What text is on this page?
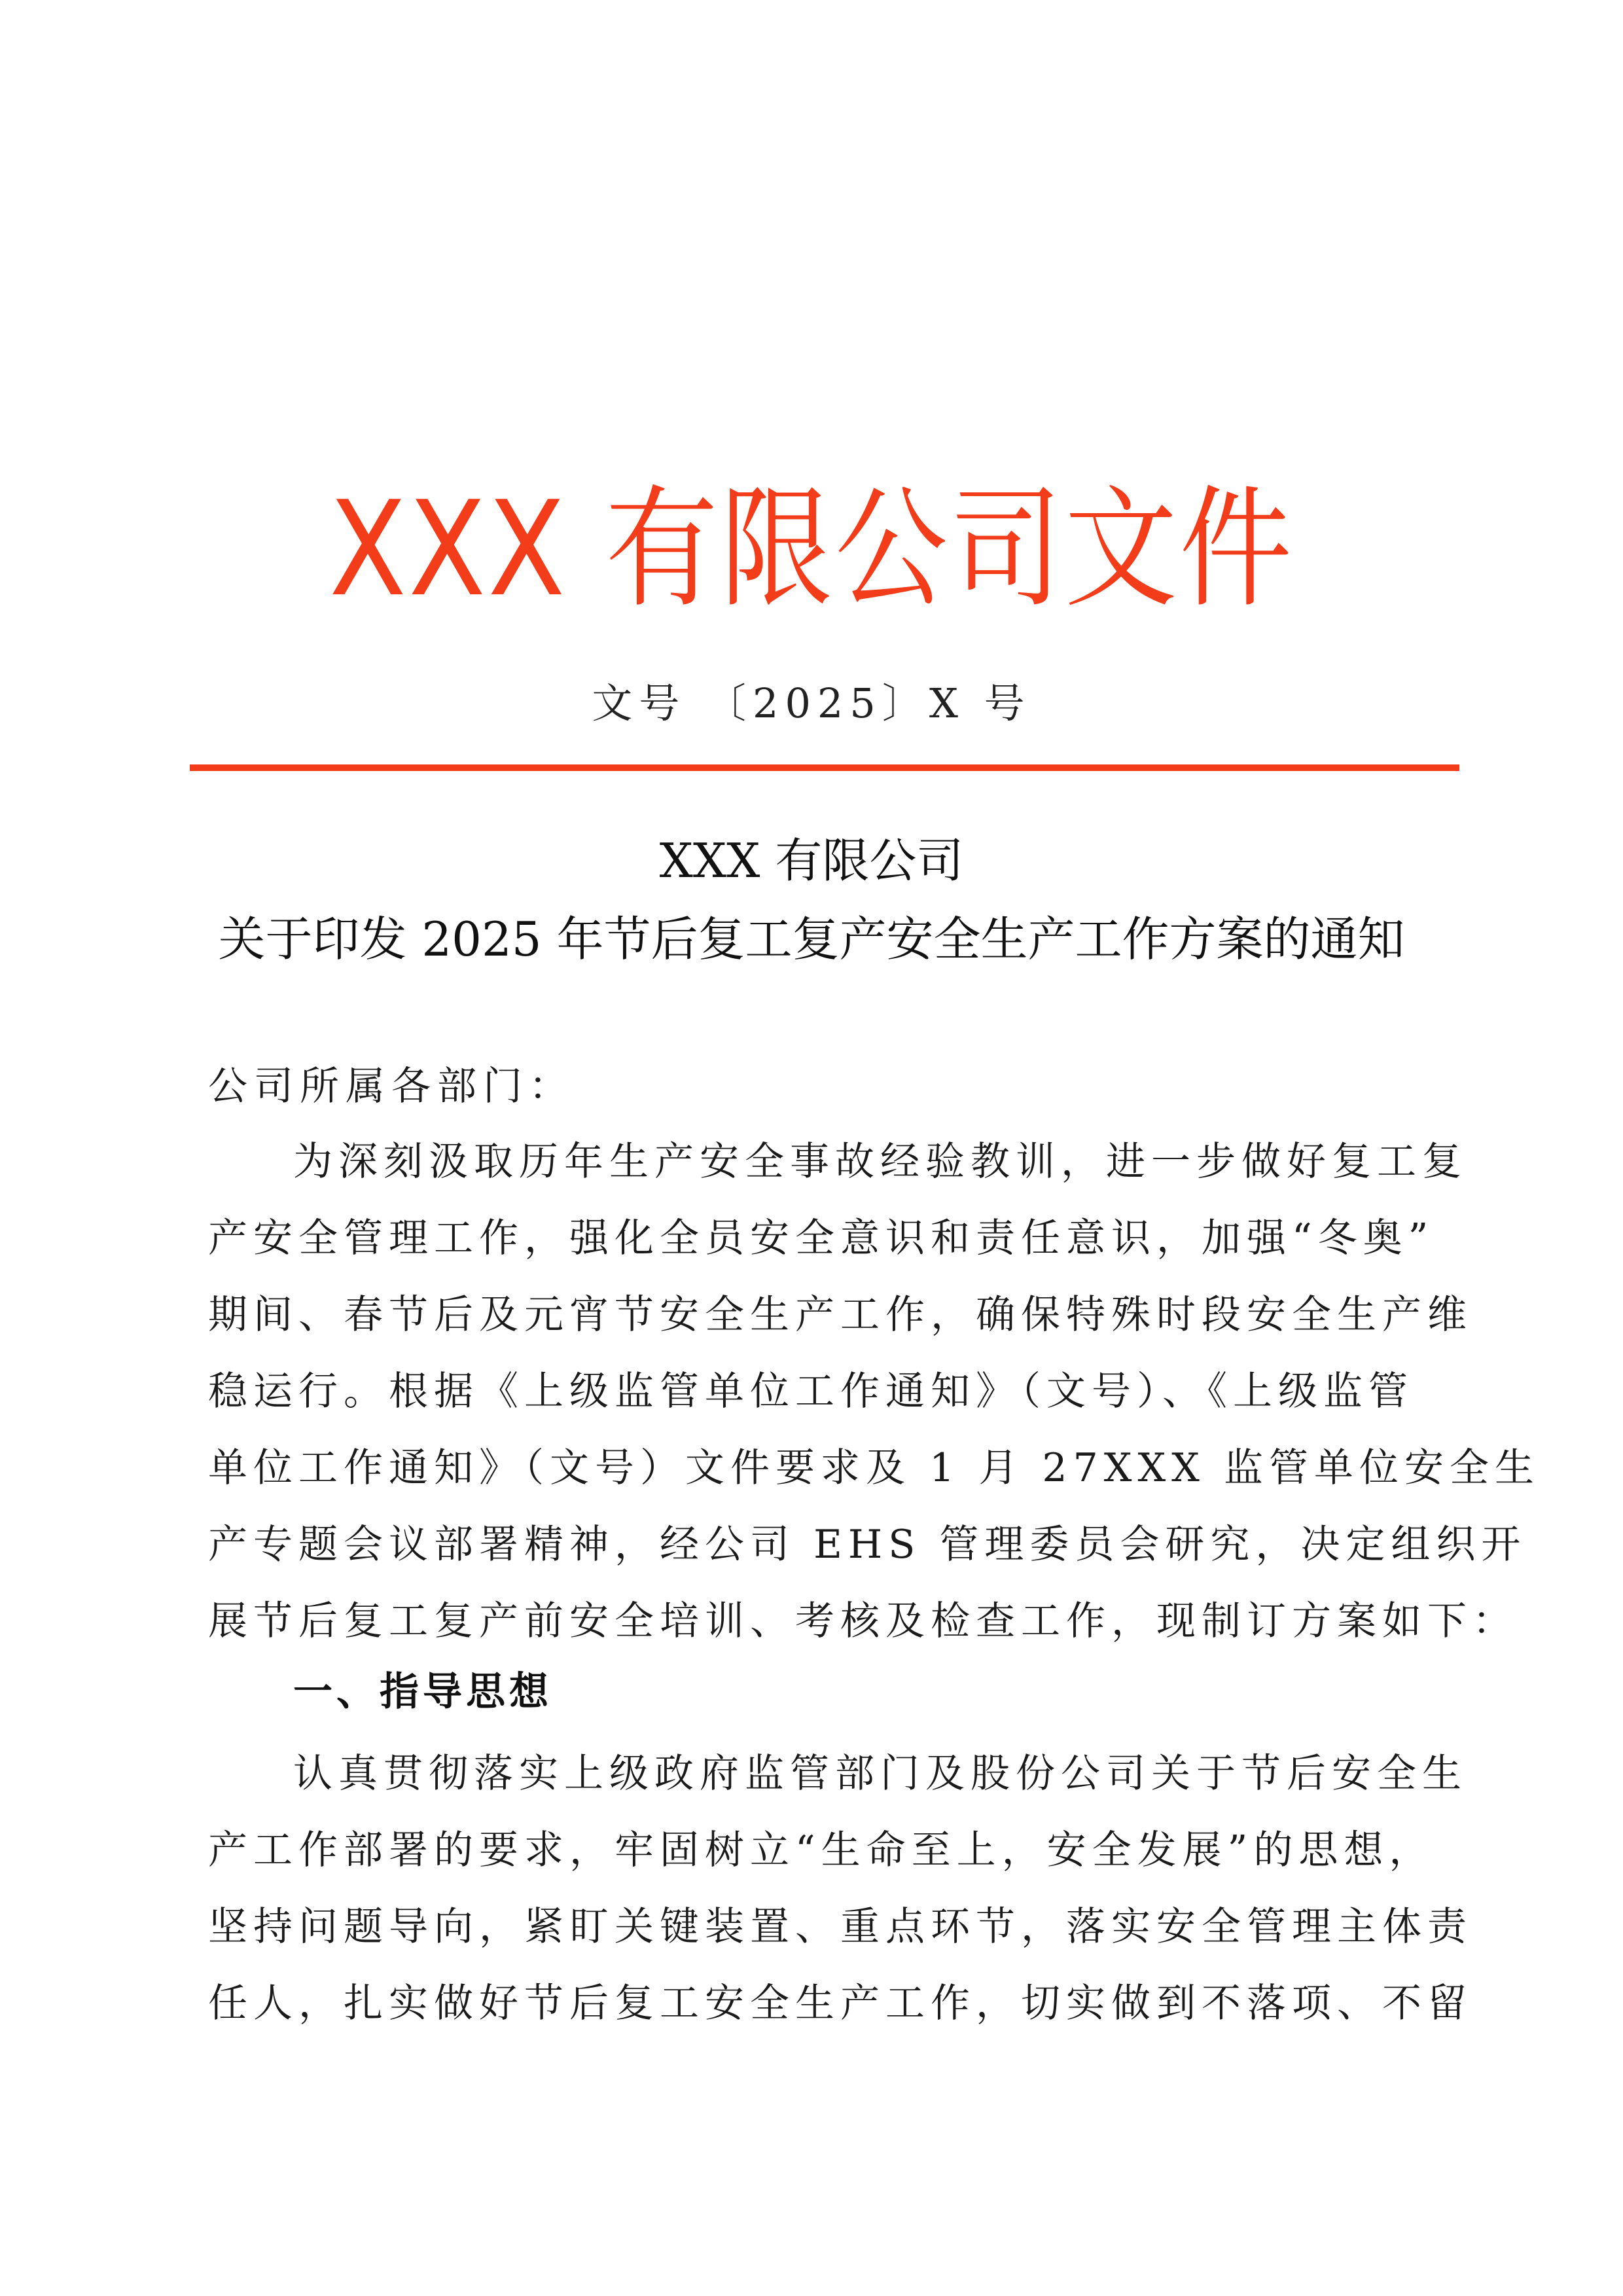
XXX 有限公司文件
文号 〔2025〕X 号
XXX 有限公司
关于印发 2025 年节后复工复产安全生产工作方案的通知
公司所属各部门：
为深刻汲取历年生产安全事故经验教训，进一步做好复工复
产安全管理工作，强化全员安全意识和责任意识，加强“冬奥”
期间、春节后及元宵节安全生产工作，确保特殊时段安全生产维
稳运行。根据《上级监管单位工作通知》（文号）、《上级监管
单位工作通知》（文号）文件要求及 1 月 27XXX 监管单位安全生
产专题会议部署精神，经公司 EHS 管理委员会研究，决定组织开
展节后复工复产前安全培训、考核及检查工作，现制订方案如下：
一、指导思想
认真贯彻落实上级政府监管部门及股份公司关于节后安全生
产工作部署的要求，牢固树立“生命至上，安全发展”的思想，
坚持问题导向，紧盯关键装置、重点环节，落实安全管理主体责
任人，扎实做好节后复工安全生产工作，切实做到不落项、不留
